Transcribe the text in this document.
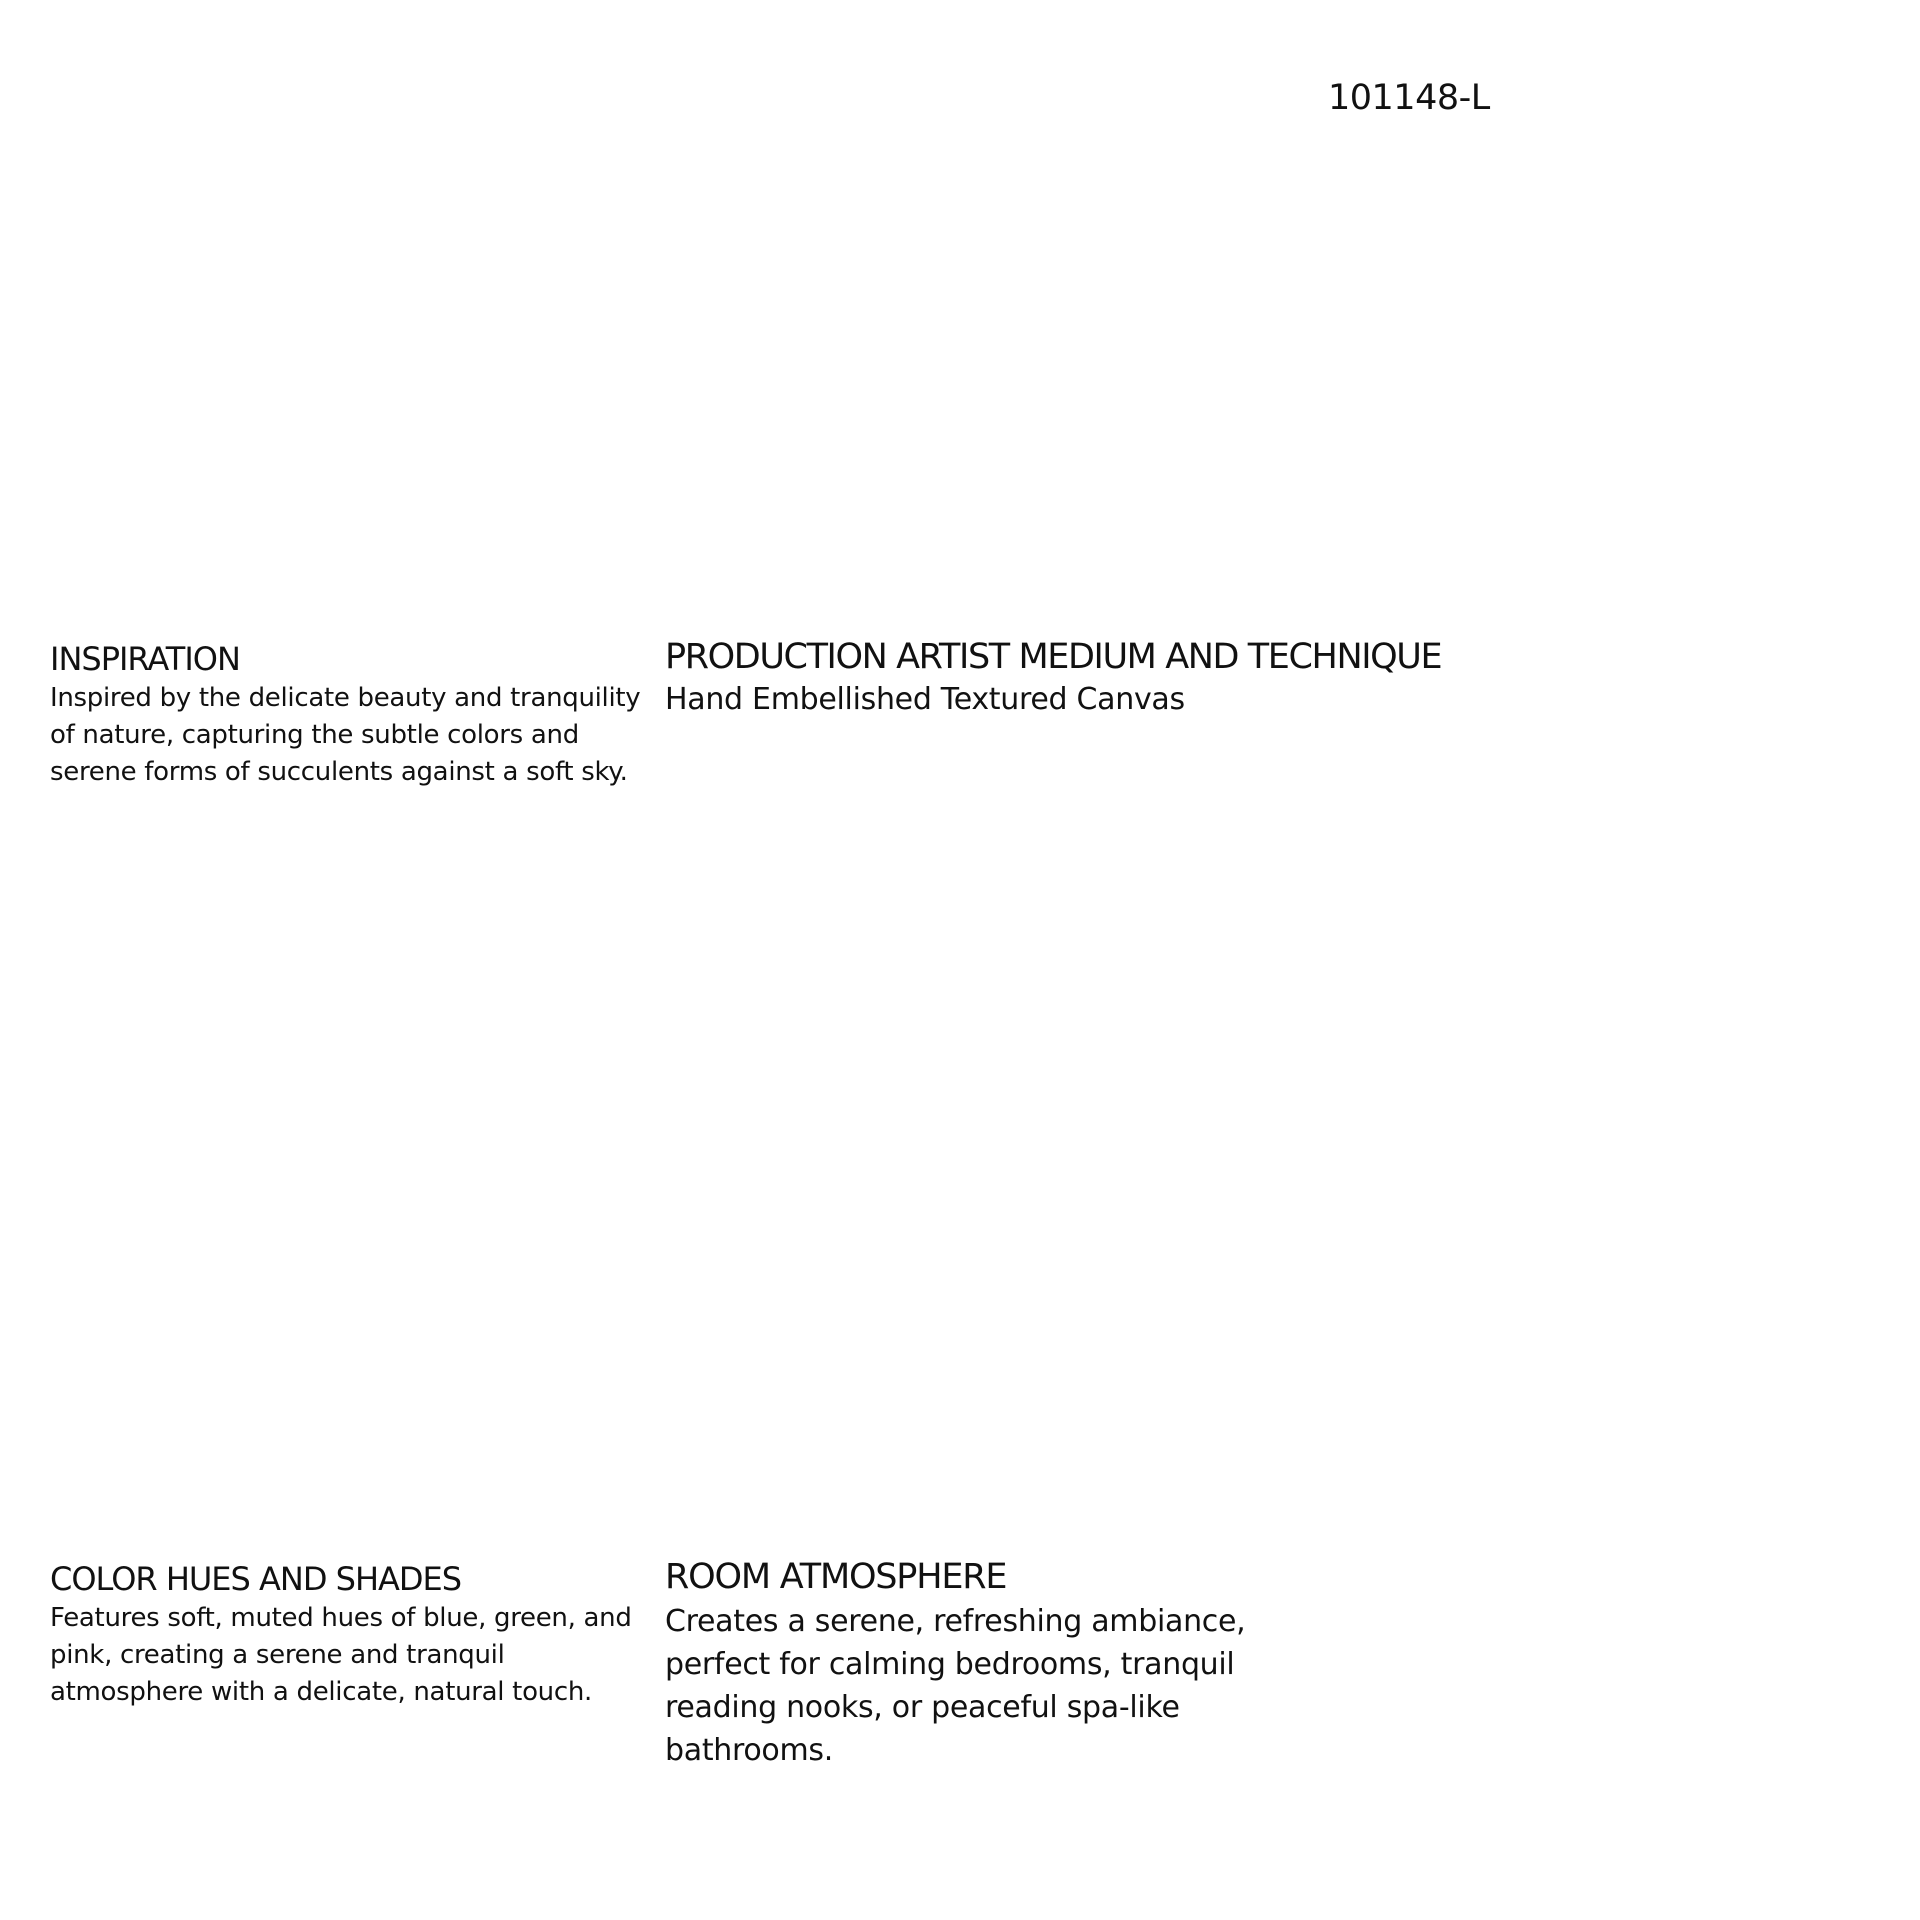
101148-L
INSPIRATION

Inspired by the delicate beauty and tranquility
of nature, capturing the subtle colors and
serene forms of succulents against a soft sky.

PRODUCTION ARTIST MEDIUM AND TECHNIQUE

Hand Embellished Textured Canvas

COLOR HUES AND SHADES

Features soft, muted hues of blue, green, and
pink, creating a serene and tranquil
atmosphere with a delicate, natural touch.

ROOM ATMOSPHERE

Creates a serene, refreshing ambiance,
perfect for calming bedrooms, tranquil
reading nooks, or peaceful spa-like
bathrooms.
